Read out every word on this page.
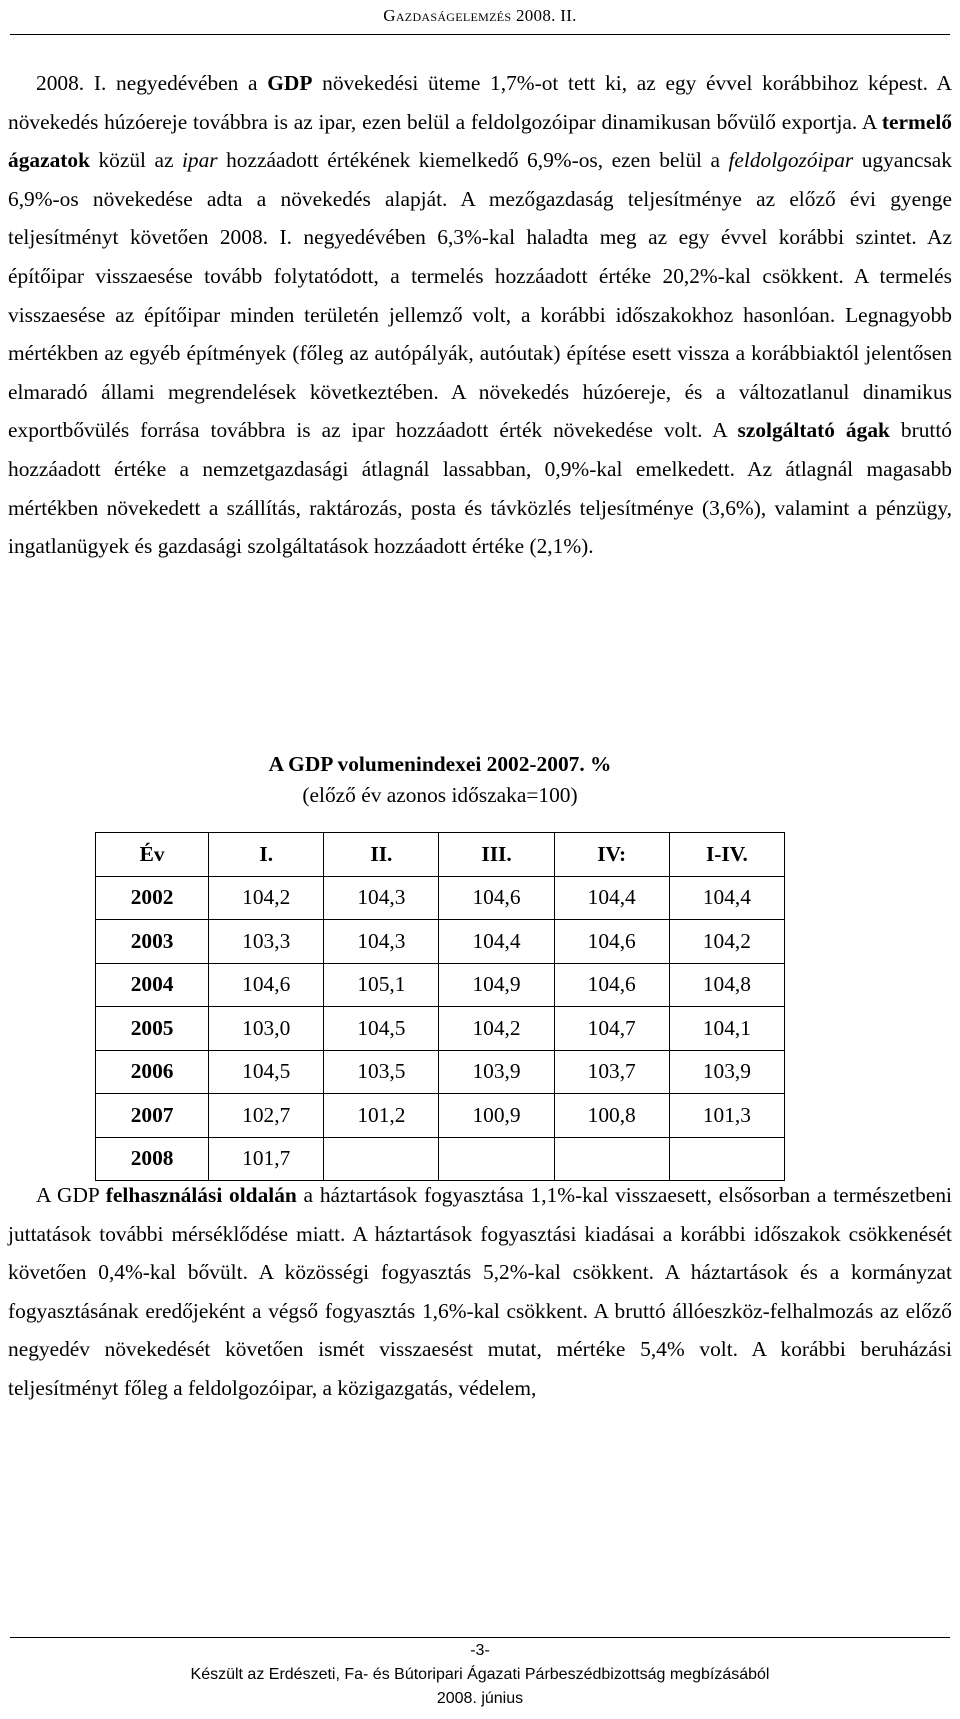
Gazdaságelemzés 2008. II.

2008. I. negyedévében a GDP növekedési üteme 1,7%-ot tett ki, az egy évvel korábbihoz képest. A növekedés húzóereje továbbra is az ipar, ezen belül a feldolgozóipar dinamikusan bővülő exportja. A termelő ágazatok közül az ipar hozzáadott értékének kiemelkedő 6,9%-os, ezen belül a feldolgozóipar ugyancsak 6,9%-os növekedése adta a növekedés alapját. A mezőgazdaság teljesítménye az előző évi gyenge teljesítményt követően 2008. I. negyedévében 6,3%-kal haladta meg az egy évvel korábbi szintet. Az építőipar visszaesése tovább folytatódott, a termelés hozzáadott értéke 20,2%-kal csökkent. A termelés visszaesése az építőipar minden területén jellemző volt, a korábbi időszakokhoz hasonlóan. Legnagyobb mértékben az egyéb építmények (főleg az autópályák, autóutak) építése esett vissza a korábbiaktól jelentősen elmaradó állami megrendelések következtében. A növekedés húzóereje, és a változatlanul dinamikus exportbővülés forrása továbbra is az ipar hozzáadott érték növekedése volt. A szolgáltató ágak bruttó hozzáadott értéke a nemzetgazdasági átlagnál lassabban, 0,9%-kal emelkedett. Az átlagnál magasabb mértékben növekedett a szállítás, raktározás, posta és távközlés teljesítménye (3,6%), valamint a pénzügy, ingatlanügyek és gazdasági szolgáltatások hozzáadott értéke (2,1%).

A GDP volumenindexei 2002-2007. %
(előző év azonos időszaka=100)
Év	I.	II.	III.	IV:	I-IV.
2002	104,2	104,3	104,6	104,4	104,4
2003	103,3	104,3	104,4	104,6	104,2
2004	104,6	105,1	104,9	104,6	104,8
2005	103,0	104,5	104,2	104,7	104,1
2006	104,5	103,5	103,9	103,7	103,9
2007	102,7	101,2	100,9	100,8	101,3
2008	101,7				

A GDP felhasználási oldalán a háztartások fogyasztása 1,1%-kal visszaesett, elsősorban a természetbeni juttatások további mérséklődése miatt. A háztartások fogyasztási kiadásai a korábbi időszakok csökkenését követően 0,4%-kal bővült. A közösségi fogyasztás 5,2%-kal csökkent. A háztartások és a kormányzat fogyasztásának eredőjeként a végső fogyasztás 1,6%-kal csökkent. A bruttó állóeszköz-felhalmozás az előző negyedév növekedését követően ismét visszaesést mutat, mértéke 5,4% volt. A korábbi beruházási teljesítményt főleg a feldolgozóipar, a közigazgatás, védelem,

-3-
Készült az Erdészeti, Fa- és Bútoripari Ágazati Párbeszédbizottság megbízásából
2008. június
